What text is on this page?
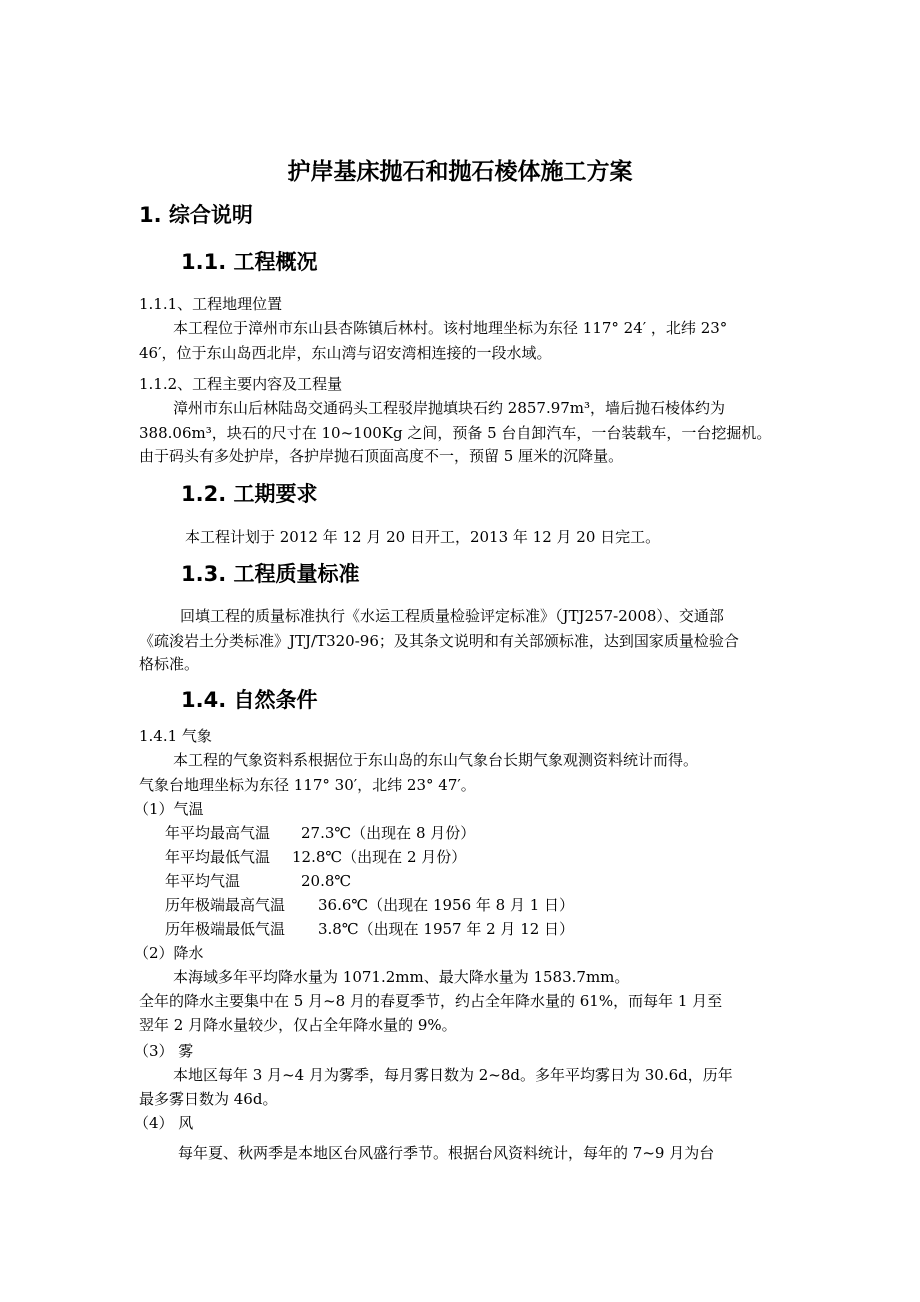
护岸基床抛石和抛石棱体施工方案
1. 综合说明
1.1. 工程概况
1.1.1、工程地理位置
本工程位于漳州市东山县杏陈镇后林村。该村地理坐标为东径 117° 24′ ，北纬 23°
46′，位于东山岛西北岸，东山湾与诏安湾相连接的一段水域。
1.1.2、工程主要内容及工程量
漳州市东山后林陆岛交通码头工程驳岸抛填块石约 2857.97m³，墙后抛石棱体约为
388.06m³，块石的尺寸在 10~100Kg 之间，预备 5 台自卸汽车，一台装载车，一台挖掘机。
由于码头有多处护岸，各护岸抛石顶面高度不一，预留 5 厘米的沉降量。
1.2. 工期要求
本工程计划于 2012 年 12 月 20 日开工，2013 年 12 月 20 日完工。
1.3. 工程质量标准
回填工程的质量标准执行《水运工程质量检验评定标准》（JTJ257-2008）、交通部
《疏浚岩土分类标准》JTJ/T320-96；及其条文说明和有关部颁标准，达到国家质量检验合
格标准。
1.4. 自然条件
1.4.1 气象
本工程的气象资料系根据位于东山岛的东山气象台长期气象观测资料统计而得。
气象台地理坐标为东径 117° 30′，北纬 23° 47′。
（1）气温
年平均最高气温 27.3℃（出现在 8 月份）
年平均最低气温 12.8℃（出现在 2 月份）
年平均气温	20.8℃
历年极端最高气温 36.6℃（出现在 1956 年 8 月 1 日）
历年极端最低气温 3.8℃（出现在 1957 年 2 月 12 日）
（2）降水
本海域多年平均降水量为 1071.2mm、最大降水量为 1583.7mm。
全年的降水主要集中在 5 月~8 月的春夏季节，约占全年降水量的 61%，而每年 1 月至
翌年 2 月降水量较少，仅占全年降水量的 9%。
（3） 雾
本地区每年 3 月~4 月为雾季，每月雾日数为 2~8d。多年平均雾日为 30.6d，历年
最多雾日数为 46d。
（4） 风
每年夏、秋两季是本地区台风盛行季节。根据台风资料统计，每年的 7~9 月为台
